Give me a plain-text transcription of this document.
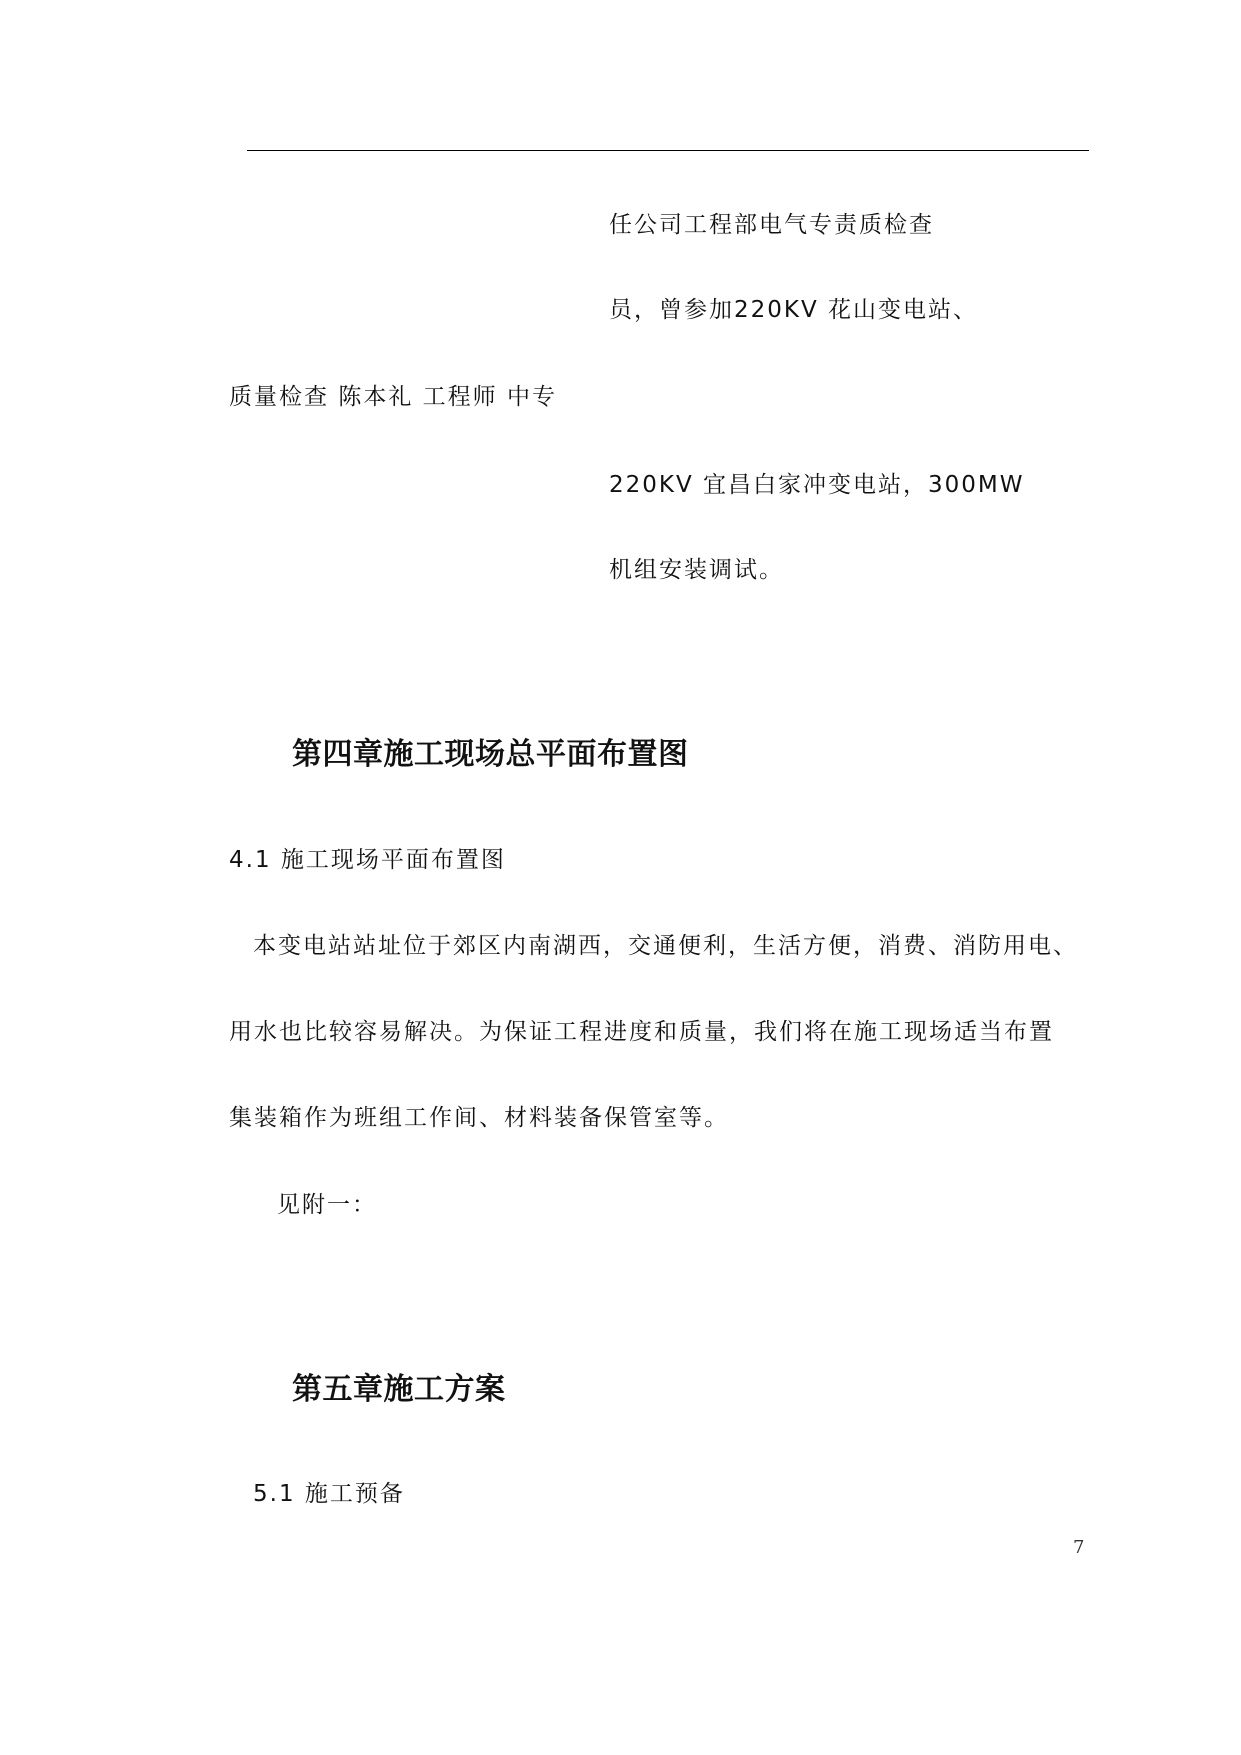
任公司工程部电气专责质检查
员，曾参加220KV 花山变电站、
质量检查 陈本礼 工程师 中专
220KV 宜昌白家冲变电站，300MW
机组安装调试。
第四章施工现场总平面布置图
4.1 施工现场平面布置图
本变电站站址位于郊区内南湖西，交通便利，生活方便，消费、消防用电、
用水也比较容易解决。为保证工程进度和质量，我们将在施工现场适当布置
集装箱作为班组工作间、材料装备保管室等。
见附一：
第五章施工方案
5.1 施工预备
7
